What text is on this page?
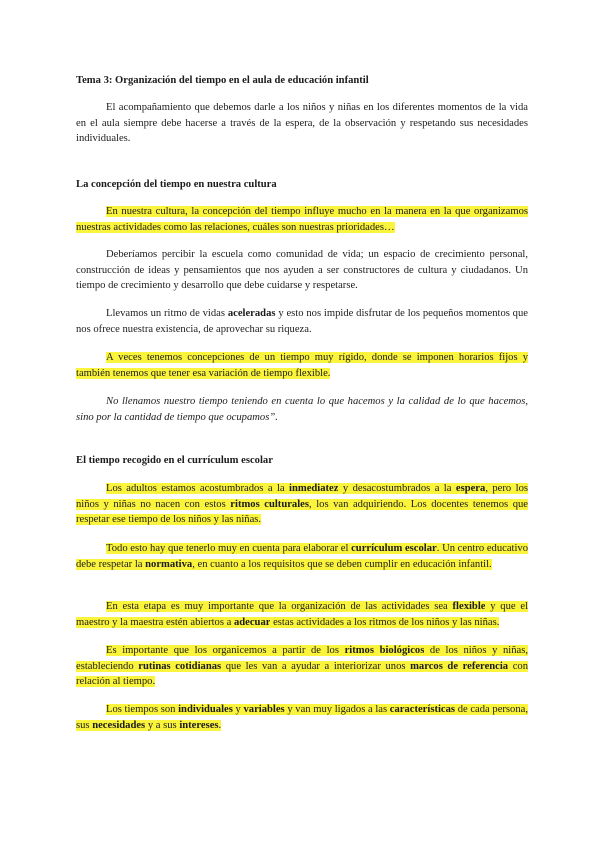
Tema 3: Organización del tiempo en el aula de educación infantil
El acompañamiento que debemos darle a los niños y niñas en los diferentes momentos de la vida en el aula siempre debe hacerse a través de la espera, de la observación y respetando sus necesidades individuales.
La concepción del tiempo en nuestra cultura
En nuestra cultura, la concepción del tiempo influye mucho en la manera en la que organizamos nuestras actividades como las relaciones, cuáles son nuestras prioridades…
Deberíamos percibir la escuela como comunidad de vida; un espacio de crecimiento personal, construcción de ideas y pensamientos que nos ayuden a ser constructores de cultura y ciudadanos. Un tiempo de crecimiento y desarrollo que debe cuidarse y respetarse.
Llevamos un ritmo de vidas aceleradas y esto nos impide disfrutar de los pequeños momentos que nos ofrece nuestra existencia, de aprovechar su riqueza.
A veces tenemos concepciones de un tiempo muy rígido, donde se imponen horarios fijos y también tenemos que tener esa variación de tiempo flexible.
No llenamos nuestro tiempo teniendo en cuenta lo que hacemos y la calidad de lo que hacemos, sino por la cantidad de tiempo que ocupamos”.
El tiempo recogido en el currículum escolar
Los adultos estamos acostumbrados a la inmediatez y desacostumbrados a la espera, pero los niños y niñas no nacen con estos ritmos culturales, los van adquiriendo. Los docentes tenemos que respetar ese tiempo de los niños y las niñas.
Todo esto hay que tenerlo muy en cuenta para elaborar el currículum escolar. Un centro educativo debe respetar la normativa, en cuanto a los requisitos que se deben cumplir en educación infantil.
En esta etapa es muy importante que la organización de las actividades sea flexible y que el maestro y la maestra estén abiertos a adecuar estas actividades a los ritmos de los niños y las niñas.
Es importante que los organicemos a partir de los ritmos biológicos de los niños y niñas, estableciendo rutinas cotidianas que les van a ayudar a interiorizar unos marcos de referencia con relación al tiempo.
Los tiempos son individuales y variables y van muy ligados a las características de cada persona, sus necesidades y a sus intereses.
